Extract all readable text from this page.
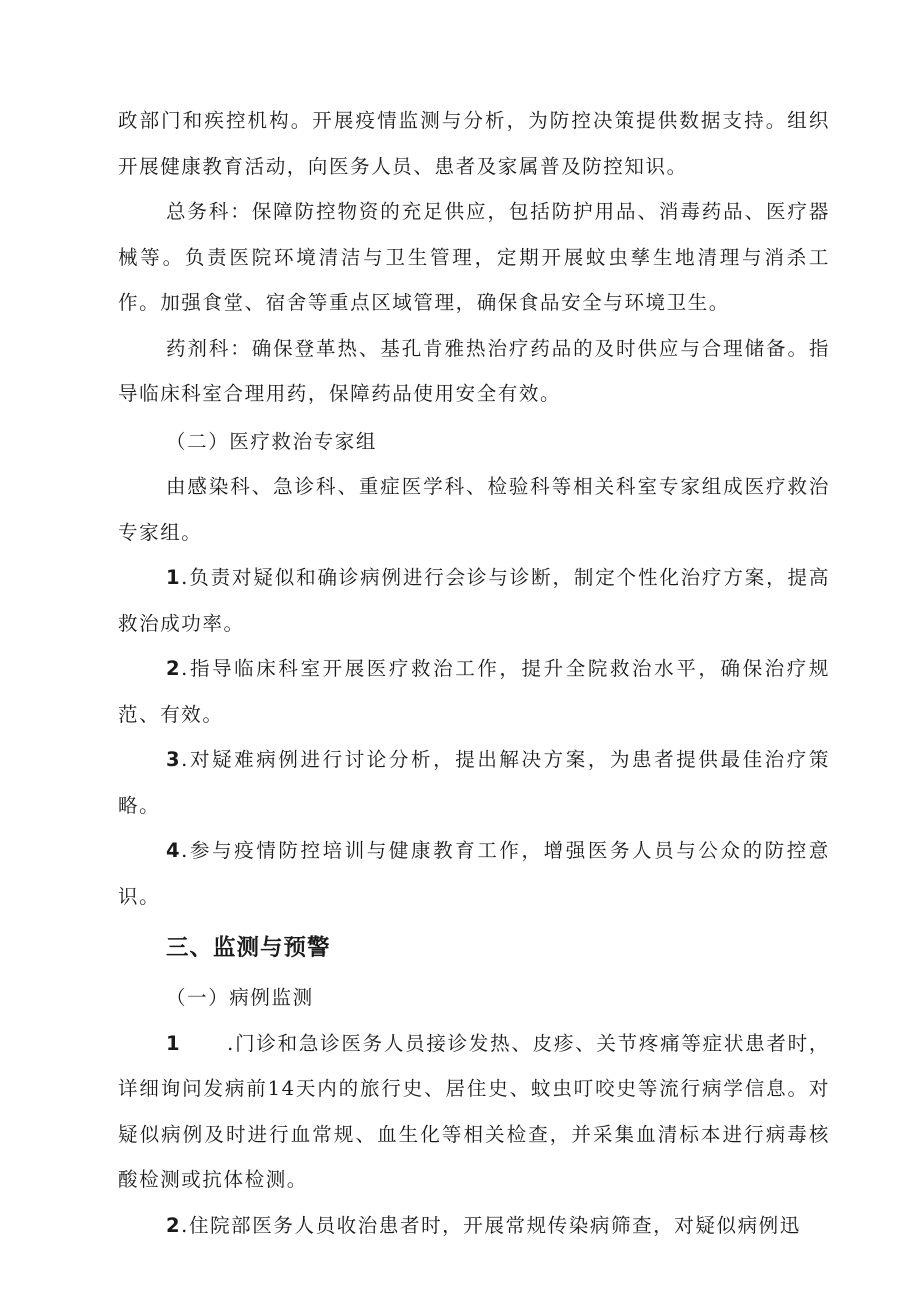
政部门和疾控机构。开展疫情监测与分析，为防控决策提供数据支持。组织开展健康教育活动，向医务人员、患者及家属普及防控知识。

总务科：保障防控物资的充足供应，包括防护用品、消毒药品、医疗器械等。负责医院环境清洁与卫生管理，定期开展蚊虫孳生地清理与消杀工作。加强食堂、宿舍等重点区域管理，确保食品安全与环境卫生。

药剂科：确保登革热、基孔肯雅热治疗药品的及时供应与合理储备。指导临床科室合理用药，保障药品使用安全有效。

（二）医疗救治专家组

由感染科、急诊科、重症医学科、检验科等相关科室专家组成医疗救治专家组。

1.负责对疑似和确诊病例进行会诊与诊断，制定个性化治疗方案，提高救治成功率。

2.指导临床科室开展医疗救治工作，提升全院救治水平，确保治疗规范、有效。

3.对疑难病例进行讨论分析，提出解决方案，为患者提供最佳治疗策略。

4.参与疫情防控培训与健康教育工作，增强医务人员与公众的防控意识。

三、监测与预警

（一）病例监测

1 .门诊和急诊医务人员接诊发热、皮疹、关节疼痛等症状患者时，详细询问发病前14天内的旅行史、居住史、蚊虫叮咬史等流行病学信息。对疑似病例及时进行血常规、血生化等相关检查，并采集血清标本进行病毒核酸检测或抗体检测。

2.住院部医务人员收治患者时，开展常规传染病筛查，对疑似病例迅
